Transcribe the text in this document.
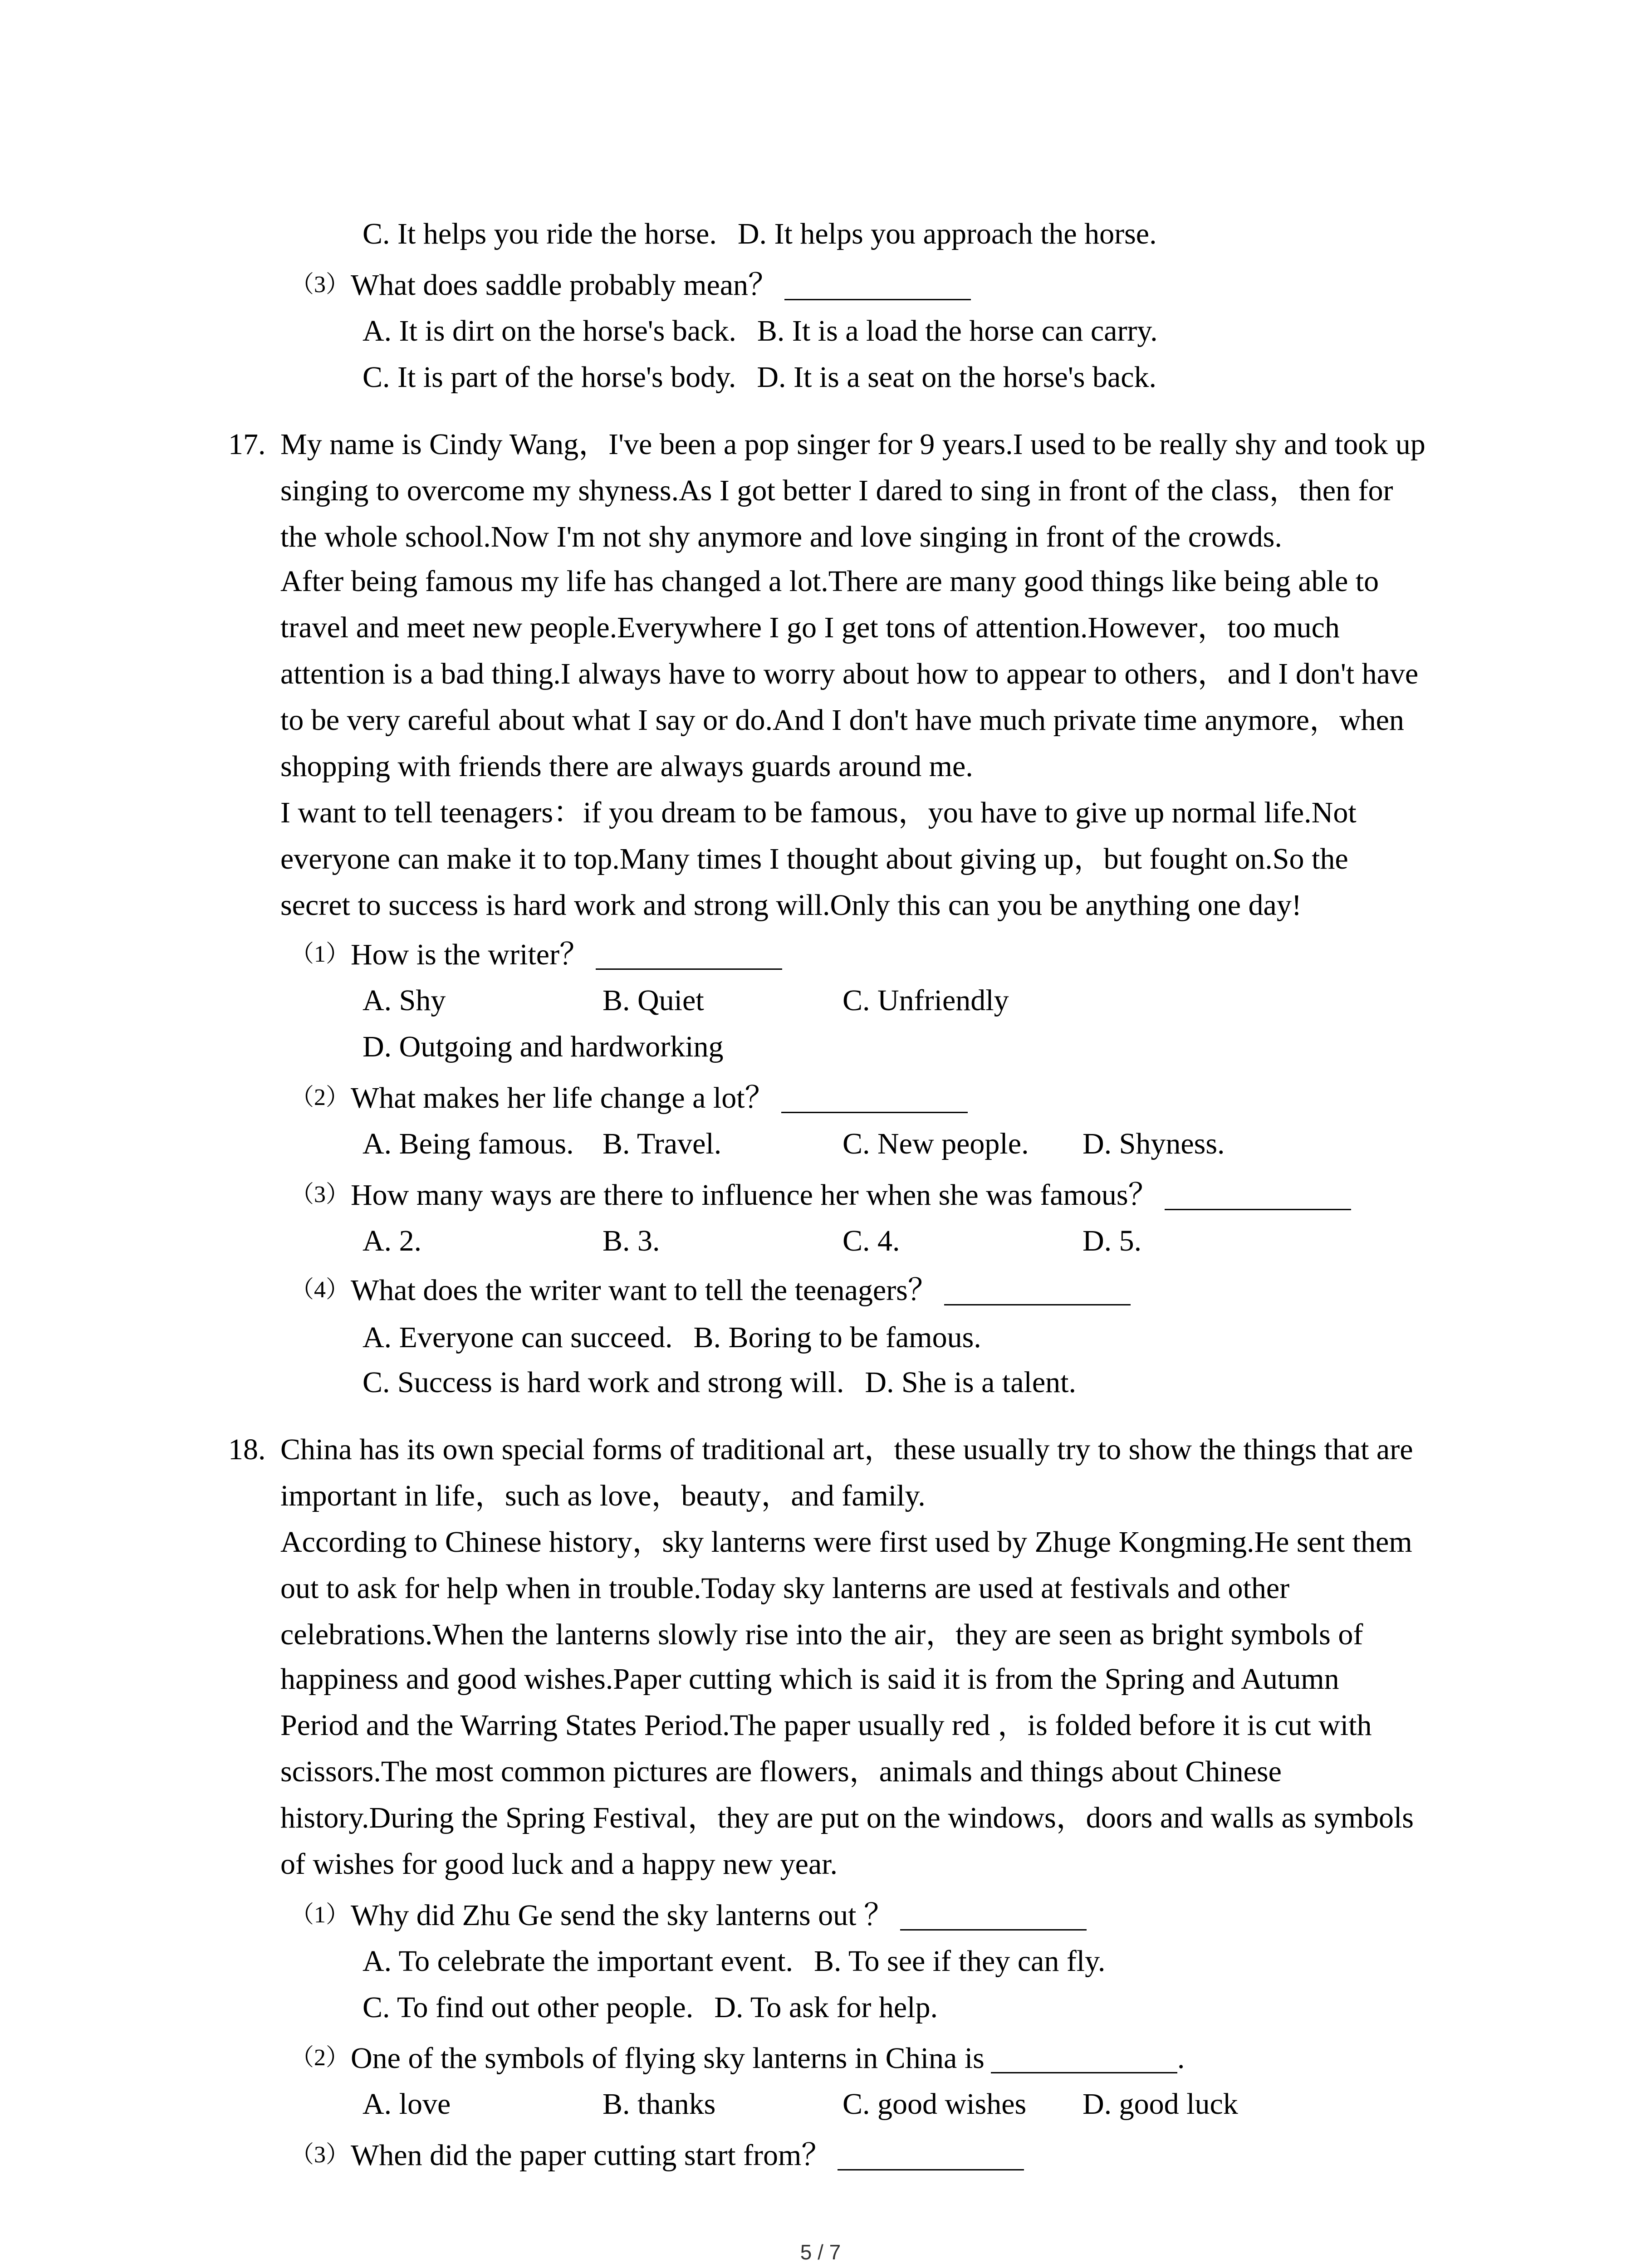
C. It helps you ride the horse. D. It helps you approach the horse.
（3）What does saddle probably mean？
A. It is dirt on the horse's back. B. It is a load the horse can carry.
C. It is part of the horse's body. D. It is a seat on the horse's back.
17. My name is Cindy Wang，I've been a pop singer for 9 years.I used to be really shy and took up
singing to overcome my shyness.As I got better I dared to sing in front of the class，then for
the whole school.Now I'm not shy anymore and love singing in front of the crowds.
After being famous my life has changed a lot.There are many good things like being able to
travel and meet new people.Everywhere I go I get tons of attention.However，too much
attention is a bad thing.I always have to worry about how to appear to others，and I don't have
to be very careful about what I say or do.And I don't have much private time anymore，when
shopping with friends there are always guards around me.
I want to tell teenagers：if you dream to be famous，you have to give up normal life.Not
everyone can make it to top.Many times I thought about giving up，but fought on.So the
secret to success is hard work and strong will.Only this can you be anything one day!
（1）How is the writer？
A. Shy	B. Quiet	C. Unfriendly
D. Outgoing and hardworking
（2）What makes her life change a lot？
A. Being famous. B. Travel.	C. New people.	D. Shyness.
（3）How many ways are there to influence her when she was famous？
A. 2.	B. 3.	C. 4.	D. 5.
（4）What does the writer want to tell the teenagers？
A. Everyone can succeed. B. Boring to be famous.
C. Success is hard work and strong will. D. She is a talent.
18. China has its own special forms of traditional art，these usually try to show the things that are
important in life，such as love，beauty，and family.
According to Chinese history，sky lanterns were first used by Zhuge Kongming.He sent them
out to ask for help when in trouble.Today sky lanterns are used at festivals and other
celebrations.When the lanterns slowly rise into the air，they are seen as bright symbols of
happiness and good wishes.Paper cutting which is said it is from the Spring and Autumn
Period and the Warring States Period.The paper usually red ，is folded before it is cut with
scissors.The most common pictures are flowers，animals and things about Chinese
history.During the Spring Festival，they are put on the windows，doors and walls as symbols
of wishes for good luck and a happy new year.
（1）Why did Zhu Ge send the sky lanterns out ？
A. To celebrate the important event. B. To see if they can fly.
C. To find out other people. D. To ask for help.
（2）One of the symbols of flying sky lanterns in China is	.
A. love	B. thanks	C. good wishes	D. good luck
（3）When did the paper cutting start from？
5 / 7
